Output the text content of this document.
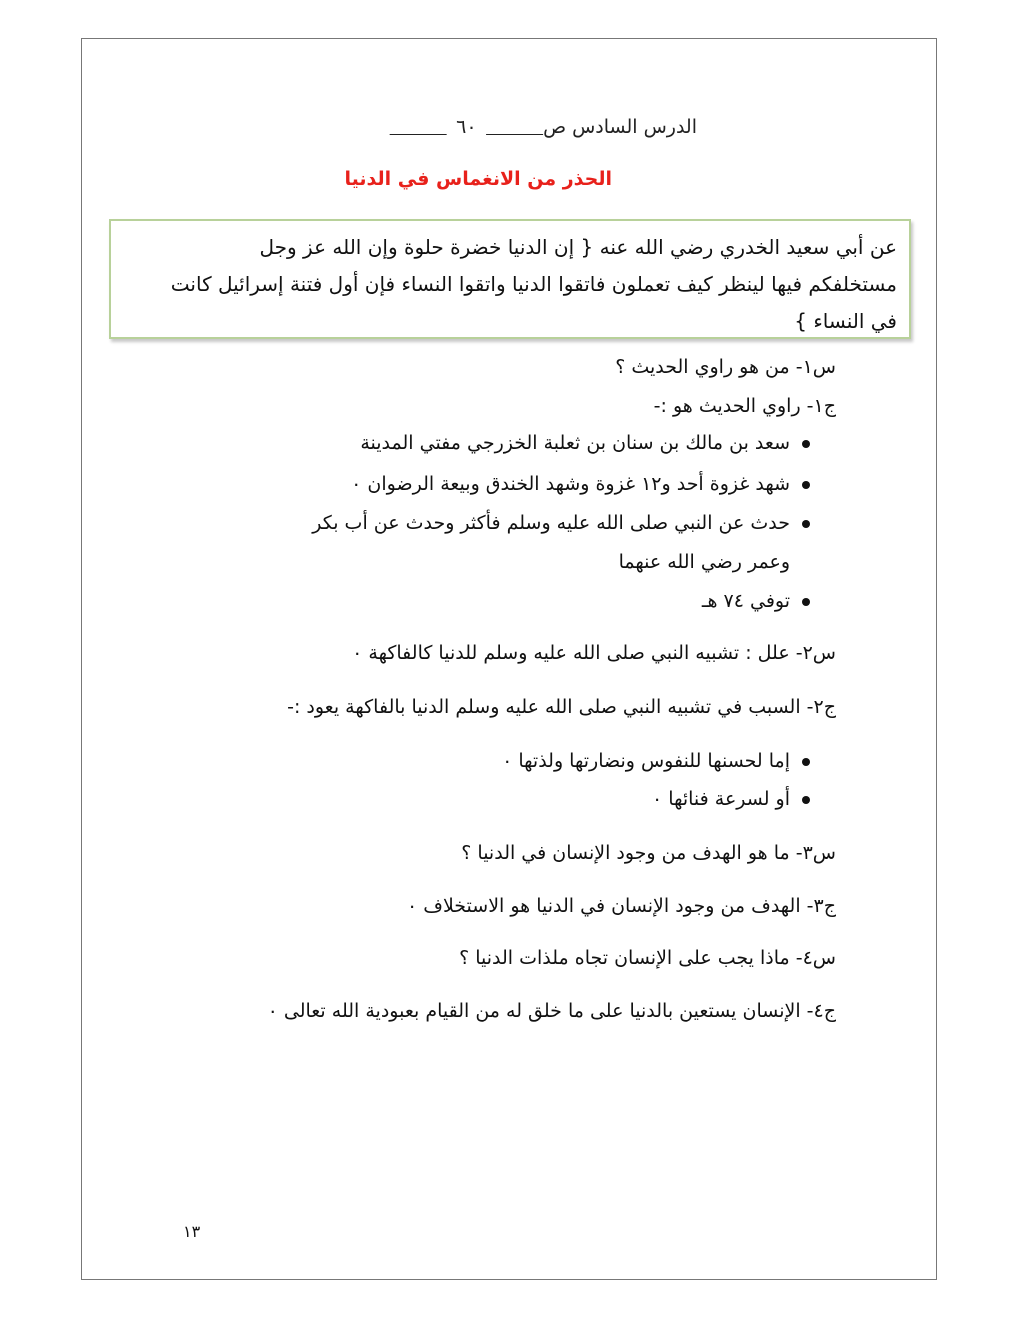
الدرس السادس ص       ٦٠       
الحذر من الانغماس في الدنيا
عن أبي سعيد الخدري رضي الله عنه { إن الدنيا خضرة حلوة وإن الله عز وجل
مستخلفكم فيها لينظر كيف تعملون فاتقوا الدنيا واتقوا النساء فإن أول فتنة إسرائيل كانت
في النساء }
س١- من هو راوي الحديث ؟
ج١- راوي الحديث هو :-
سعد بن مالك بن سنان بن ثعلبة الخزرجي مفتي المدينة
شهد غزوة أحد و١٢ غزوة وشهد الخندق وبيعة الرضوان ٠
حدث عن النبي صلى الله عليه وسلم فأكثر وحدث عن أب بكر
وعمر رضي الله عنهما
توفي ٧٤ هـ
س٢- علل : تشبيه النبي صلى الله عليه وسلم للدنيا كالفاكهة ٠
ج٢- السبب في تشبيه النبي صلى الله عليه وسلم الدنيا بالفاكهة يعود :-
إما لحسنها للنفوس ونضارتها ولذتها ٠
أو لسرعة فنائها ٠
س٣- ما هو الهدف من وجود الإنسان في الدنيا ؟
ج٣- الهدف من وجود الإنسان في الدنيا هو الاستخلاف ٠
س٤- ماذا يجب على الإنسان تجاه ملذات الدنيا ؟
ج٤- الإنسان يستعين بالدنيا على ما خلق له من القيام بعبودية الله تعالى ٠
١٣
